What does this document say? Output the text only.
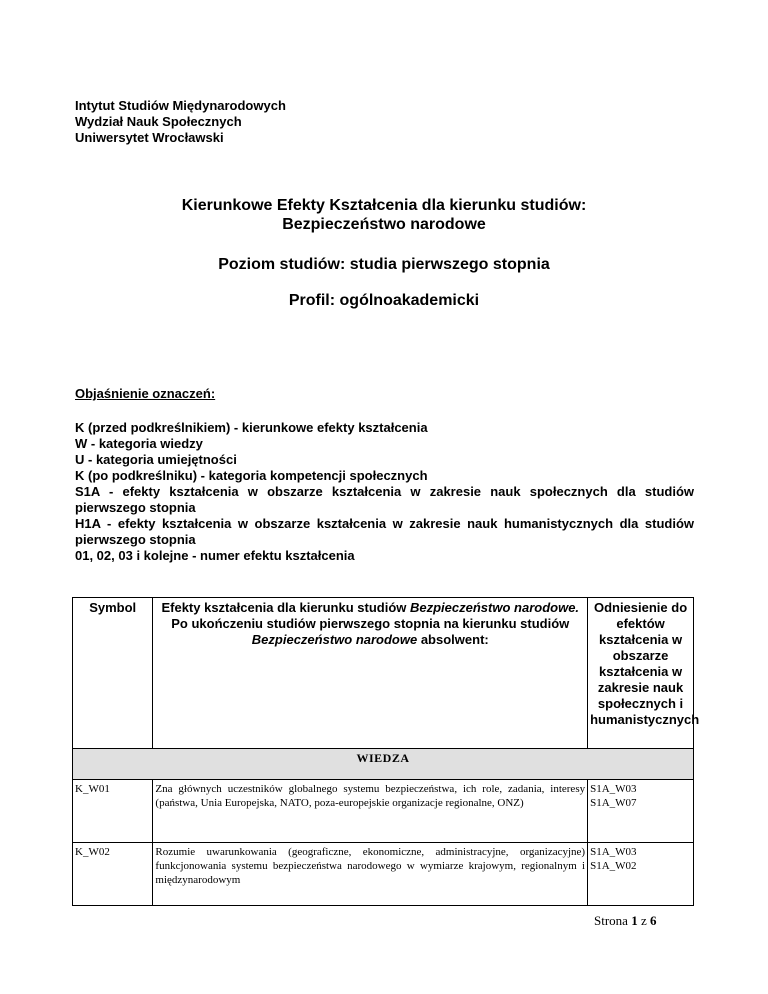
Intytut Studiów Międynarodowych
Wydział Nauk Społecznych
Uniwersytet Wrocławski
Kierunkowe Efekty Kształcenia dla kierunku studiów:
Bezpieczeństwo narodowe
Poziom studiów: studia pierwszego stopnia
Profil: ogólnoakademicki
Objaśnienie oznaczeń:

K (przed podkreślnikiem) - kierunkowe efekty kształcenia

W - kategoria wiedzy

U - kategoria umiejętności

K (po podkreślniku) - kategoria kompetencji społecznych

S1A - efekty kształcenia w obszarze kształcenia w zakresie nauk społecznych dla studiów pierwszego stopnia

H1A - efekty kształcenia w obszarze kształcenia w zakresie nauk humanistycznych dla studiów pierwszego stopnia

01, 02, 03 i kolejne - numer efektu kształcenia

Symbol	Efekty kształcenia dla kierunku studiów Bezpieczeństwo narodowe. Po ukończeniu studiów pierwszego stopnia na kierunku studiów Bezpieczeństwo narodowe absolwent:	Odniesienie do efektów kształcenia w obszarze kształcenia w zakresie nauk społecznych i humanistycznych
WIEDZA		
K_W01	Zna głównych uczestników globalnego systemu bezpieczeństwa, ich role, zadania, interesy (państwa, Unia Europejska, NATO, poza-europejskie organizacje regionalne, ONZ)	S1A_W03
S1A_W07

K_W02	Rozumie uwarunkowania (geograficzne, ekonomiczne, administracyjne, organizacyjne) funkcjonowania systemu bezpieczeństwa narodowego w wymiarze krajowym, regionalnym i międzynarodowym	S1A_W03
S1A_W02
Strona 1 z 6
